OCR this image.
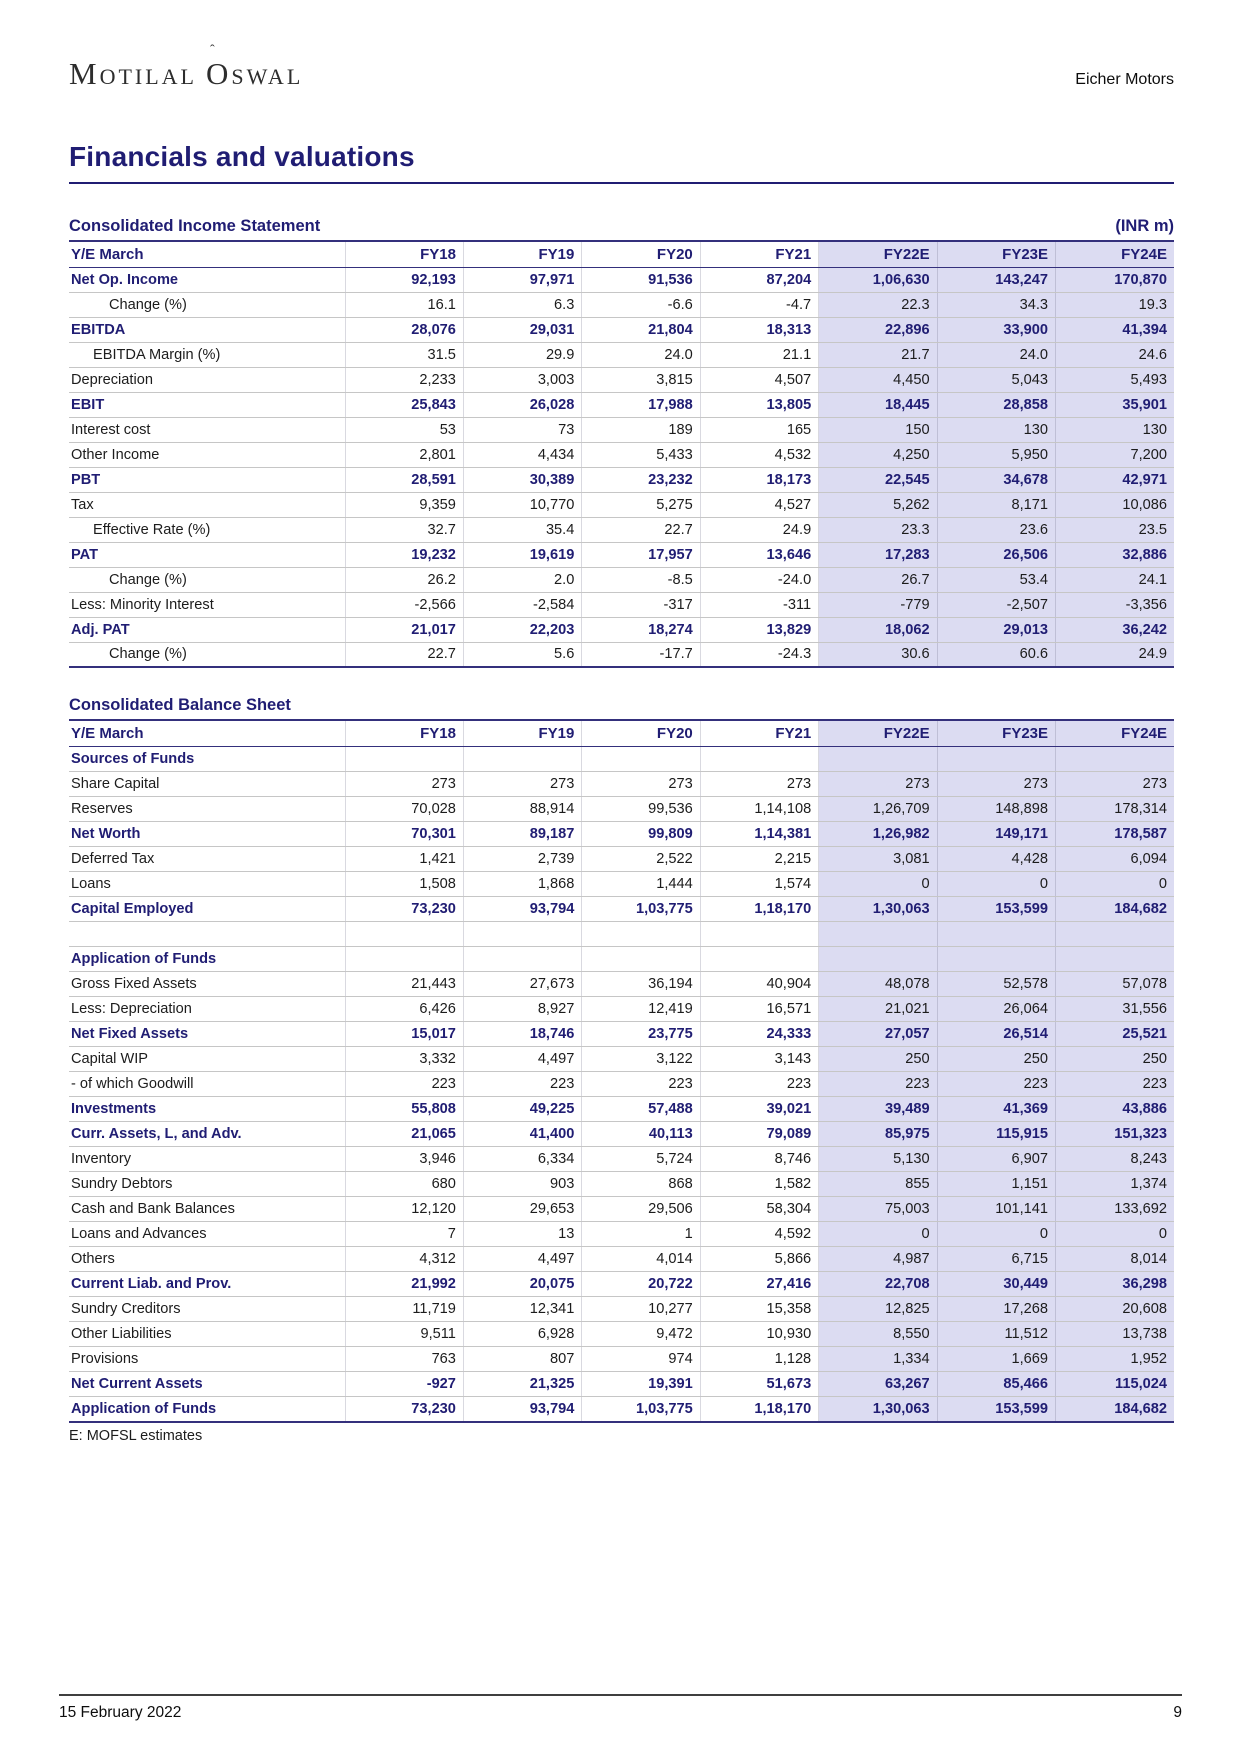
Motilal O ˆswal	Eicher Motors
Financials and valuations
Consolidated Income Statement	(INR m)
Y/E March	FY18	FY19	FY20	FY21	FY22E	FY23E	FY24E
Net Op. Income	92,193	97,971	91,536	87,204	1,06,630	143,247	170,870
Change (%)	16.1	6.3	-6.6	-4.7	22.3	34.3	19.3
EBITDA	28,076	29,031	21,804	18,313	22,896	33,900	41,394
EBITDA Margin (%)	31.5	29.9	24.0	21.1	21.7	24.0	24.6
Depreciation	2,233	3,003	3,815	4,507	4,450	5,043	5,493
EBIT	25,843	26,028	17,988	13,805	18,445	28,858	35,901
Interest cost	53	73	189	165	150	130	130
Other Income	2,801	4,434	5,433	4,532	4,250	5,950	7,200
PBT	28,591	30,389	23,232	18,173	22,545	34,678	42,971
Tax	9,359	10,770	5,275	4,527	5,262	8,171	10,086
Effective Rate (%)	32.7	35.4	22.7	24.9	23.3	23.6	23.5
PAT	19,232	19,619	17,957	13,646	17,283	26,506	32,886
Change (%)	26.2	2.0	-8.5	-24.0	26.7	53.4	24.1
Less: Minority Interest	-2,566	-2,584	-317	-311	-779	-2,507	-3,356
Adj. PAT	21,017	22,203	18,274	13,829	18,062	29,013	36,242
Change (%)	22.7	5.6	-17.7	-24.3	30.6	60.6	24.9
Consolidated Balance Sheet
Y/E March	FY18	FY19	FY20	FY21	FY22E	FY23E	FY24E
Sources of Funds							
Share Capital	273	273	273	273	273	273	273
Reserves	70,028	88,914	99,536	1,14,108	1,26,709	148,898	178,314
Net Worth	70,301	89,187	99,809	1,14,381	1,26,982	149,171	178,587
Deferred Tax	1,421	2,739	2,522	2,215	3,081	4,428	6,094
Loans	1,508	1,868	1,444	1,574	0	0	0
Capital Employed	73,230	93,794	1,03,775	1,18,170	1,30,063	153,599	184,682

Application of Funds							
Gross Fixed Assets	21,443	27,673	36,194	40,904	48,078	52,578	57,078
Less: Depreciation	6,426	8,927	12,419	16,571	21,021	26,064	31,556
Net Fixed Assets	15,017	18,746	23,775	24,333	27,057	26,514	25,521
Capital WIP	3,332	4,497	3,122	3,143	250	250	250
- of which Goodwill	223	223	223	223	223	223	223
Investments	55,808	49,225	57,488	39,021	39,489	41,369	43,886
Curr. Assets, L, and Adv.	21,065	41,400	40,113	79,089	85,975	115,915	151,323
Inventory	3,946	6,334	5,724	8,746	5,130	6,907	8,243
Sundry Debtors	680	903	868	1,582	855	1,151	1,374
Cash and Bank Balances	12,120	29,653	29,506	58,304	75,003	101,141	133,692
Loans and Advances	7	13	1	4,592	0	0	0
Others	4,312	4,497	4,014	5,866	4,987	6,715	8,014
Current Liab. and Prov.	21,992	20,075	20,722	27,416	22,708	30,449	36,298
Sundry Creditors	11,719	12,341	10,277	15,358	12,825	17,268	20,608
Other Liabilities	9,511	6,928	9,472	10,930	8,550	11,512	13,738
Provisions	763	807	974	1,128	1,334	1,669	1,952
Net Current Assets	-927	21,325	19,391	51,673	63,267	85,466	115,024
Application of Funds	73,230	93,794	1,03,775	1,18,170	1,30,063	153,599	184,682
E: MOFSL estimates
15 February 2022	9
